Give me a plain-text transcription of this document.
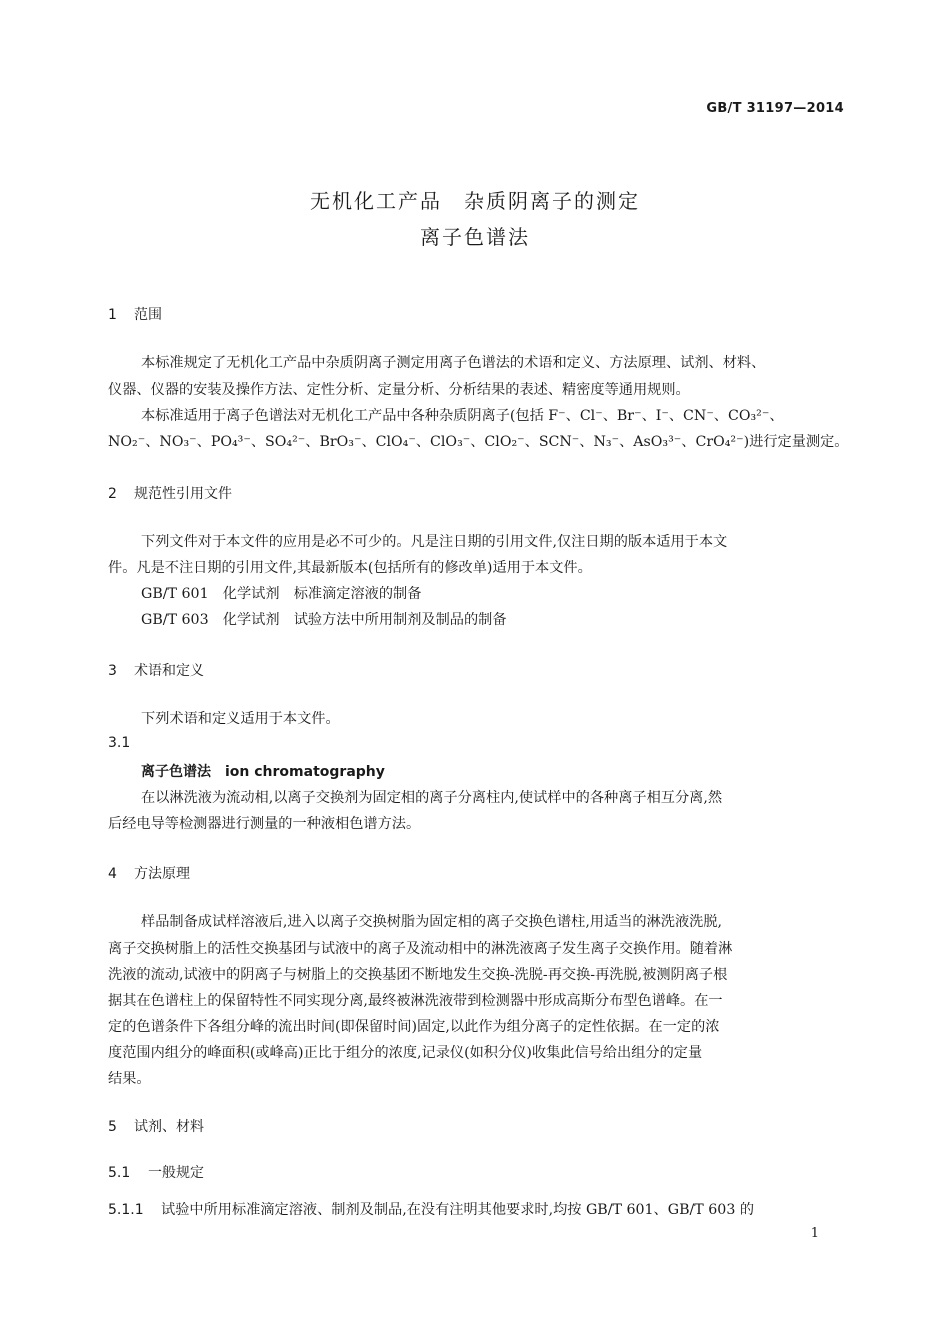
GB/T 31197—2014
无机化工产品　杂质阴离子的测定
离子色谱法
1 范围
本标准规定了无机化工产品中杂质阴离子测定用离子色谱法的术语和定义、方法原理、试剂、材料、
仪器、仪器的安装及操作方法、定性分析、定量分析、分析结果的表述、精密度等通用规则。
本标准适用于离子色谱法对无机化工产品中各种杂质阴离子(包括 F⁻、Cl⁻、Br⁻、I⁻、CN⁻、CO₃²⁻、
NO₂⁻、NO₃⁻、PO₄³⁻、SO₄²⁻、BrO₃⁻、ClO₄⁻、ClO₃⁻、ClO₂⁻、SCN⁻、N₃⁻、AsO₃³⁻、CrO₄²⁻)进行定量测定。
2 规范性引用文件
下列文件对于本文件的应用是必不可少的。凡是注日期的引用文件,仅注日期的版本适用于本文
件。凡是不注日期的引用文件,其最新版本(包括所有的修改单)适用于本文件。
GB/T 601　化学试剂　标准滴定溶液的制备
GB/T 603　化学试剂　试验方法中所用制剂及制品的制备
3 术语和定义
下列术语和定义适用于本文件。
3.1
离子色谱法　ion chromatography
在以淋洗液为流动相,以离子交换剂为固定相的离子分离柱内,使试样中的各种离子相互分离,然
后经电导等检测器进行测量的一种液相色谱方法。
4 方法原理
样品制备成试样溶液后,进入以离子交换树脂为固定相的离子交换色谱柱,用适当的淋洗液洗脱,
离子交换树脂上的活性交换基团与试液中的离子及流动相中的淋洗液离子发生离子交换作用。随着淋
洗液的流动,试液中的阴离子与树脂上的交换基团不断地发生交换-洗脱-再交换-再洗脱,被测阴离子根
据其在色谱柱上的保留特性不同实现分离,最终被淋洗液带到检测器中形成高斯分布型色谱峰。在一
定的色谱条件下各组分峰的流出时间(即保留时间)固定,以此作为组分离子的定性依据。在一定的浓
度范围内组分的峰面积(或峰高)正比于组分的浓度,记录仪(如积分仪)收集此信号给出组分的定量
结果。
5 试剂、材料
5.1 一般规定
5.1.1 试验中所用标准滴定溶液、制剂及制品,在没有注明其他要求时,均按 GB/T 601、GB/T 603 的
1
